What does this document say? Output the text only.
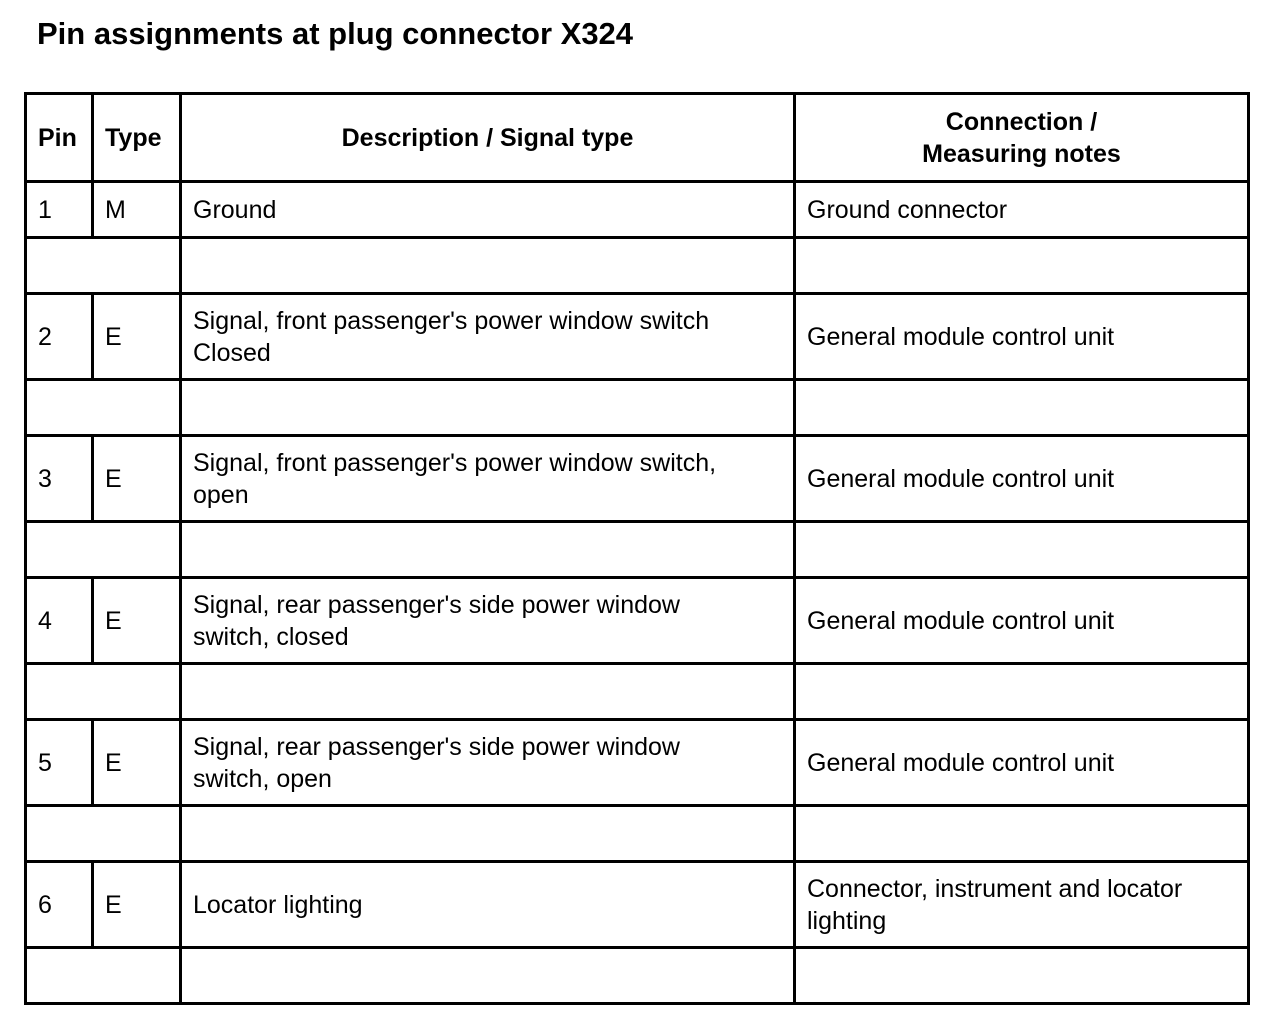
Pin assignments at plug connector X324
Pin	Type	Description / Signal type	Connection /
Measuring notes
1	M	Ground	Ground connector

2	E	Signal, front passenger's power window switch
Closed	General module control unit

3	E	Signal, front passenger's power window switch,
open	General module control unit

4	E	Signal, rear passenger's side power window
switch, closed	General module control unit

5	E	Signal, rear passenger's side power window
switch, open	General module control unit

6	E	Locator lighting	Connector, instrument and locator
lighting
